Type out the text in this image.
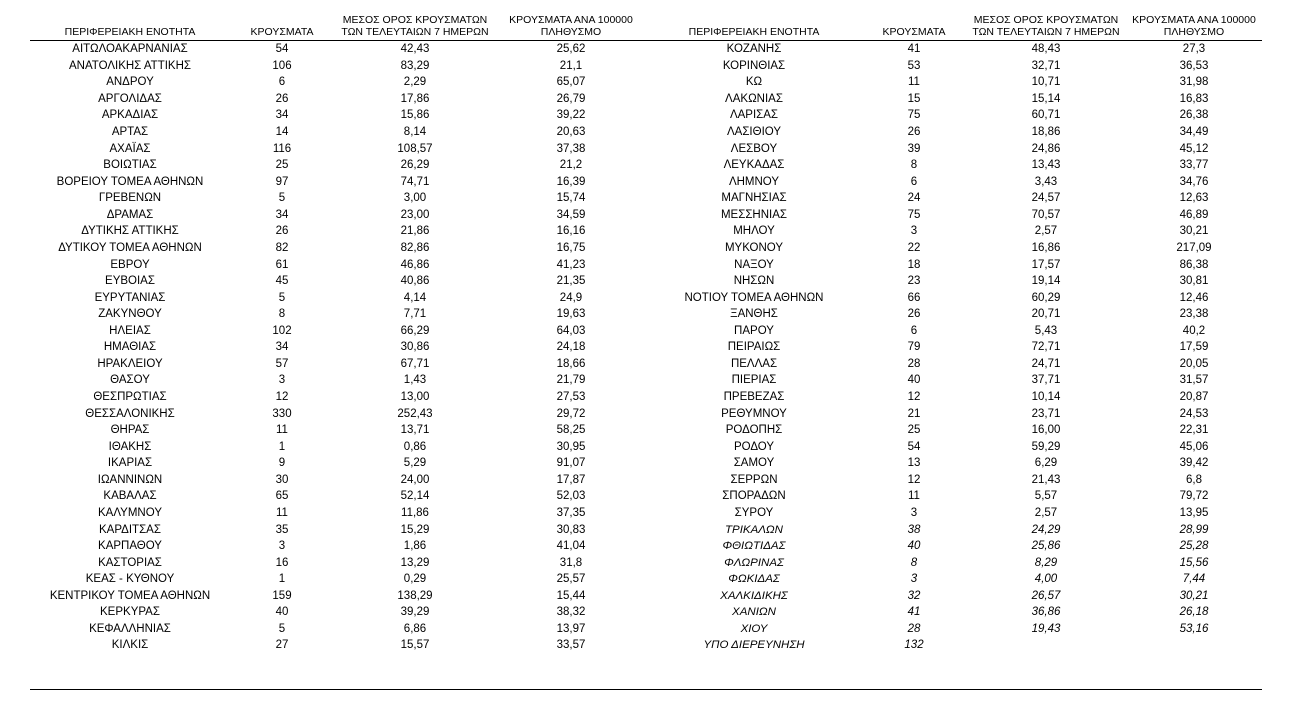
ΠΕΡΙΦΕΡΕΙΑΚΗ ΕΝΟΤΗΤΑ	ΚΡΟΥΣΜΑΤΑ	ΜΕΣΟΣ ΟΡΟΣ ΚΡΟΥΣΜΑΤΩΝ
ΤΩΝ ΤΕΛΕΥΤΑΙΩΝ 7 ΗΜΕΡΩΝ	ΚΡΟΥΣΜΑΤΑ ΑΝΑ 100000
ΠΛΗΘΥΣΜΟ	ΠΕΡΙΦΕΡΕΙΑΚΗ ΕΝΟΤΗΤΑ	ΚΡΟΥΣΜΑΤΑ	ΜΕΣΟΣ ΟΡΟΣ ΚΡΟΥΣΜΑΤΩΝ
ΤΩΝ ΤΕΛΕΥΤΑΙΩΝ 7 ΗΜΕΡΩΝ	ΚΡΟΥΣΜΑΤΑ ΑΝΑ 100000
ΠΛΗΘΥΣΜΟ

ΑΙΤΩΛΟΑΚΑΡΝΑΝΙΑΣ	54	42,43	25,62	ΚΟΖΑΝΗΣ	41	48,43	27,3
ΑΝΑΤΟΛΙΚΗΣ ΑΤΤΙΚΗΣ	106	83,29	21,1	ΚΟΡΙΝΘΙΑΣ	53	32,71	36,53
ΑΝΔΡΟΥ	6	2,29	65,07	ΚΩ	11	10,71	31,98
ΑΡΓΟΛΙΔΑΣ	26	17,86	26,79	ΛΑΚΩΝΙΑΣ	15	15,14	16,83
ΑΡΚΑΔΙΑΣ	34	15,86	39,22	ΛΑΡΙΣΑΣ	75	60,71	26,38
ΑΡΤΑΣ	14	8,14	20,63	ΛΑΣΙΘΙΟΥ	26	18,86	34,49
ΑΧΑΪΑΣ	116	108,57	37,38	ΛΕΣΒΟΥ	39	24,86	45,12
ΒΟΙΩΤΙΑΣ	25	26,29	21,2	ΛΕΥΚΑΔΑΣ	8	13,43	33,77
ΒΟΡΕΙΟΥ ΤΟΜΕΑ ΑΘΗΝΩΝ	97	74,71	16,39	ΛΗΜΝΟΥ	6	3,43	34,76
ΓΡΕΒΕΝΩΝ	5	3,00	15,74	ΜΑΓΝΗΣΙΑΣ	24	24,57	12,63
ΔΡΑΜΑΣ	34	23,00	34,59	ΜΕΣΣΗΝΙΑΣ	75	70,57	46,89
ΔΥΤΙΚΗΣ ΑΤΤΙΚΗΣ	26	21,86	16,16	ΜΗΛΟΥ	3	2,57	30,21
ΔΥΤΙΚΟΥ ΤΟΜΕΑ ΑΘΗΝΩΝ	82	82,86	16,75	ΜΥΚΟΝΟΥ	22	16,86	217,09
ΕΒΡΟΥ	61	46,86	41,23	ΝΑΞΟΥ	18	17,57	86,38
ΕΥΒΟΙΑΣ	45	40,86	21,35	ΝΗΣΩΝ	23	19,14	30,81
ΕΥΡΥΤΑΝΙΑΣ	5	4,14	24,9	ΝΟΤΙΟΥ ΤΟΜΕΑ ΑΘΗΝΩΝ	66	60,29	12,46
ΖΑΚΥΝΘΟΥ	8	7,71	19,63	ΞΑΝΘΗΣ	26	20,71	23,38
ΗΛΕΙΑΣ	102	66,29	64,03	ΠΑΡΟΥ	6	5,43	40,2
ΗΜΑΘΙΑΣ	34	30,86	24,18	ΠΕΙΡΑΙΩΣ	79	72,71	17,59
ΗΡΑΚΛΕΙΟΥ	57	67,71	18,66	ΠΕΛΛΑΣ	28	24,71	20,05
ΘΑΣΟΥ	3	1,43	21,79	ΠΙΕΡΙΑΣ	40	37,71	31,57
ΘΕΣΠΡΩΤΙΑΣ	12	13,00	27,53	ΠΡΕΒΕΖΑΣ	12	10,14	20,87
ΘΕΣΣΑΛΟΝΙΚΗΣ	330	252,43	29,72	ΡΕΘΥΜΝΟΥ	21	23,71	24,53
ΘΗΡΑΣ	11	13,71	58,25	ΡΟΔΟΠΗΣ	25	16,00	22,31
ΙΘΑΚΗΣ	1	0,86	30,95	ΡΟΔΟΥ	54	59,29	45,06
ΙΚΑΡΙΑΣ	9	5,29	91,07	ΣΑΜΟΥ	13	6,29	39,42
ΙΩΑΝΝΙΝΩΝ	30	24,00	17,87	ΣΕΡΡΩΝ	12	21,43	6,8
ΚΑΒΑΛΑΣ	65	52,14	52,03	ΣΠΟΡΑΔΩΝ	11	5,57	79,72
ΚΑΛΥΜΝΟΥ	11	11,86	37,35	ΣΥΡΟΥ	3	2,57	13,95
ΚΑΡΔΙΤΣΑΣ	35	15,29	30,83	ΤΡΙΚΑΛΩΝ	38	24,29	28,99
ΚΑΡΠΑΘΟΥ	3	1,86	41,04	ΦΘΙΩΤΙΔΑΣ	40	25,86	25,28
ΚΑΣΤΟΡΙΑΣ	16	13,29	31,8	ΦΛΩΡΙΝΑΣ	8	8,29	15,56
ΚΕΑΣ - ΚΥΘΝΟΥ	1	0,29	25,57	ΦΩΚΙΔΑΣ	3	4,00	7,44
ΚΕΝΤΡΙΚΟΥ ΤΟΜΕΑ ΑΘΗΝΩΝ	159	138,29	15,44	ΧΑΛΚΙΔΙΚΗΣ	32	26,57	30,21
ΚΕΡΚΥΡΑΣ	40	39,29	38,32	ΧΑΝΙΩΝ	41	36,86	26,18
ΚΕΦΑΛΛΗΝΙΑΣ	5	6,86	13,97	ΧΙΟΥ	28	19,43	53,16
ΚΙΛΚΙΣ	27	15,57	33,57	ΥΠΟ ΔΙΕΡΕΥΝΗΣΗ	132		
